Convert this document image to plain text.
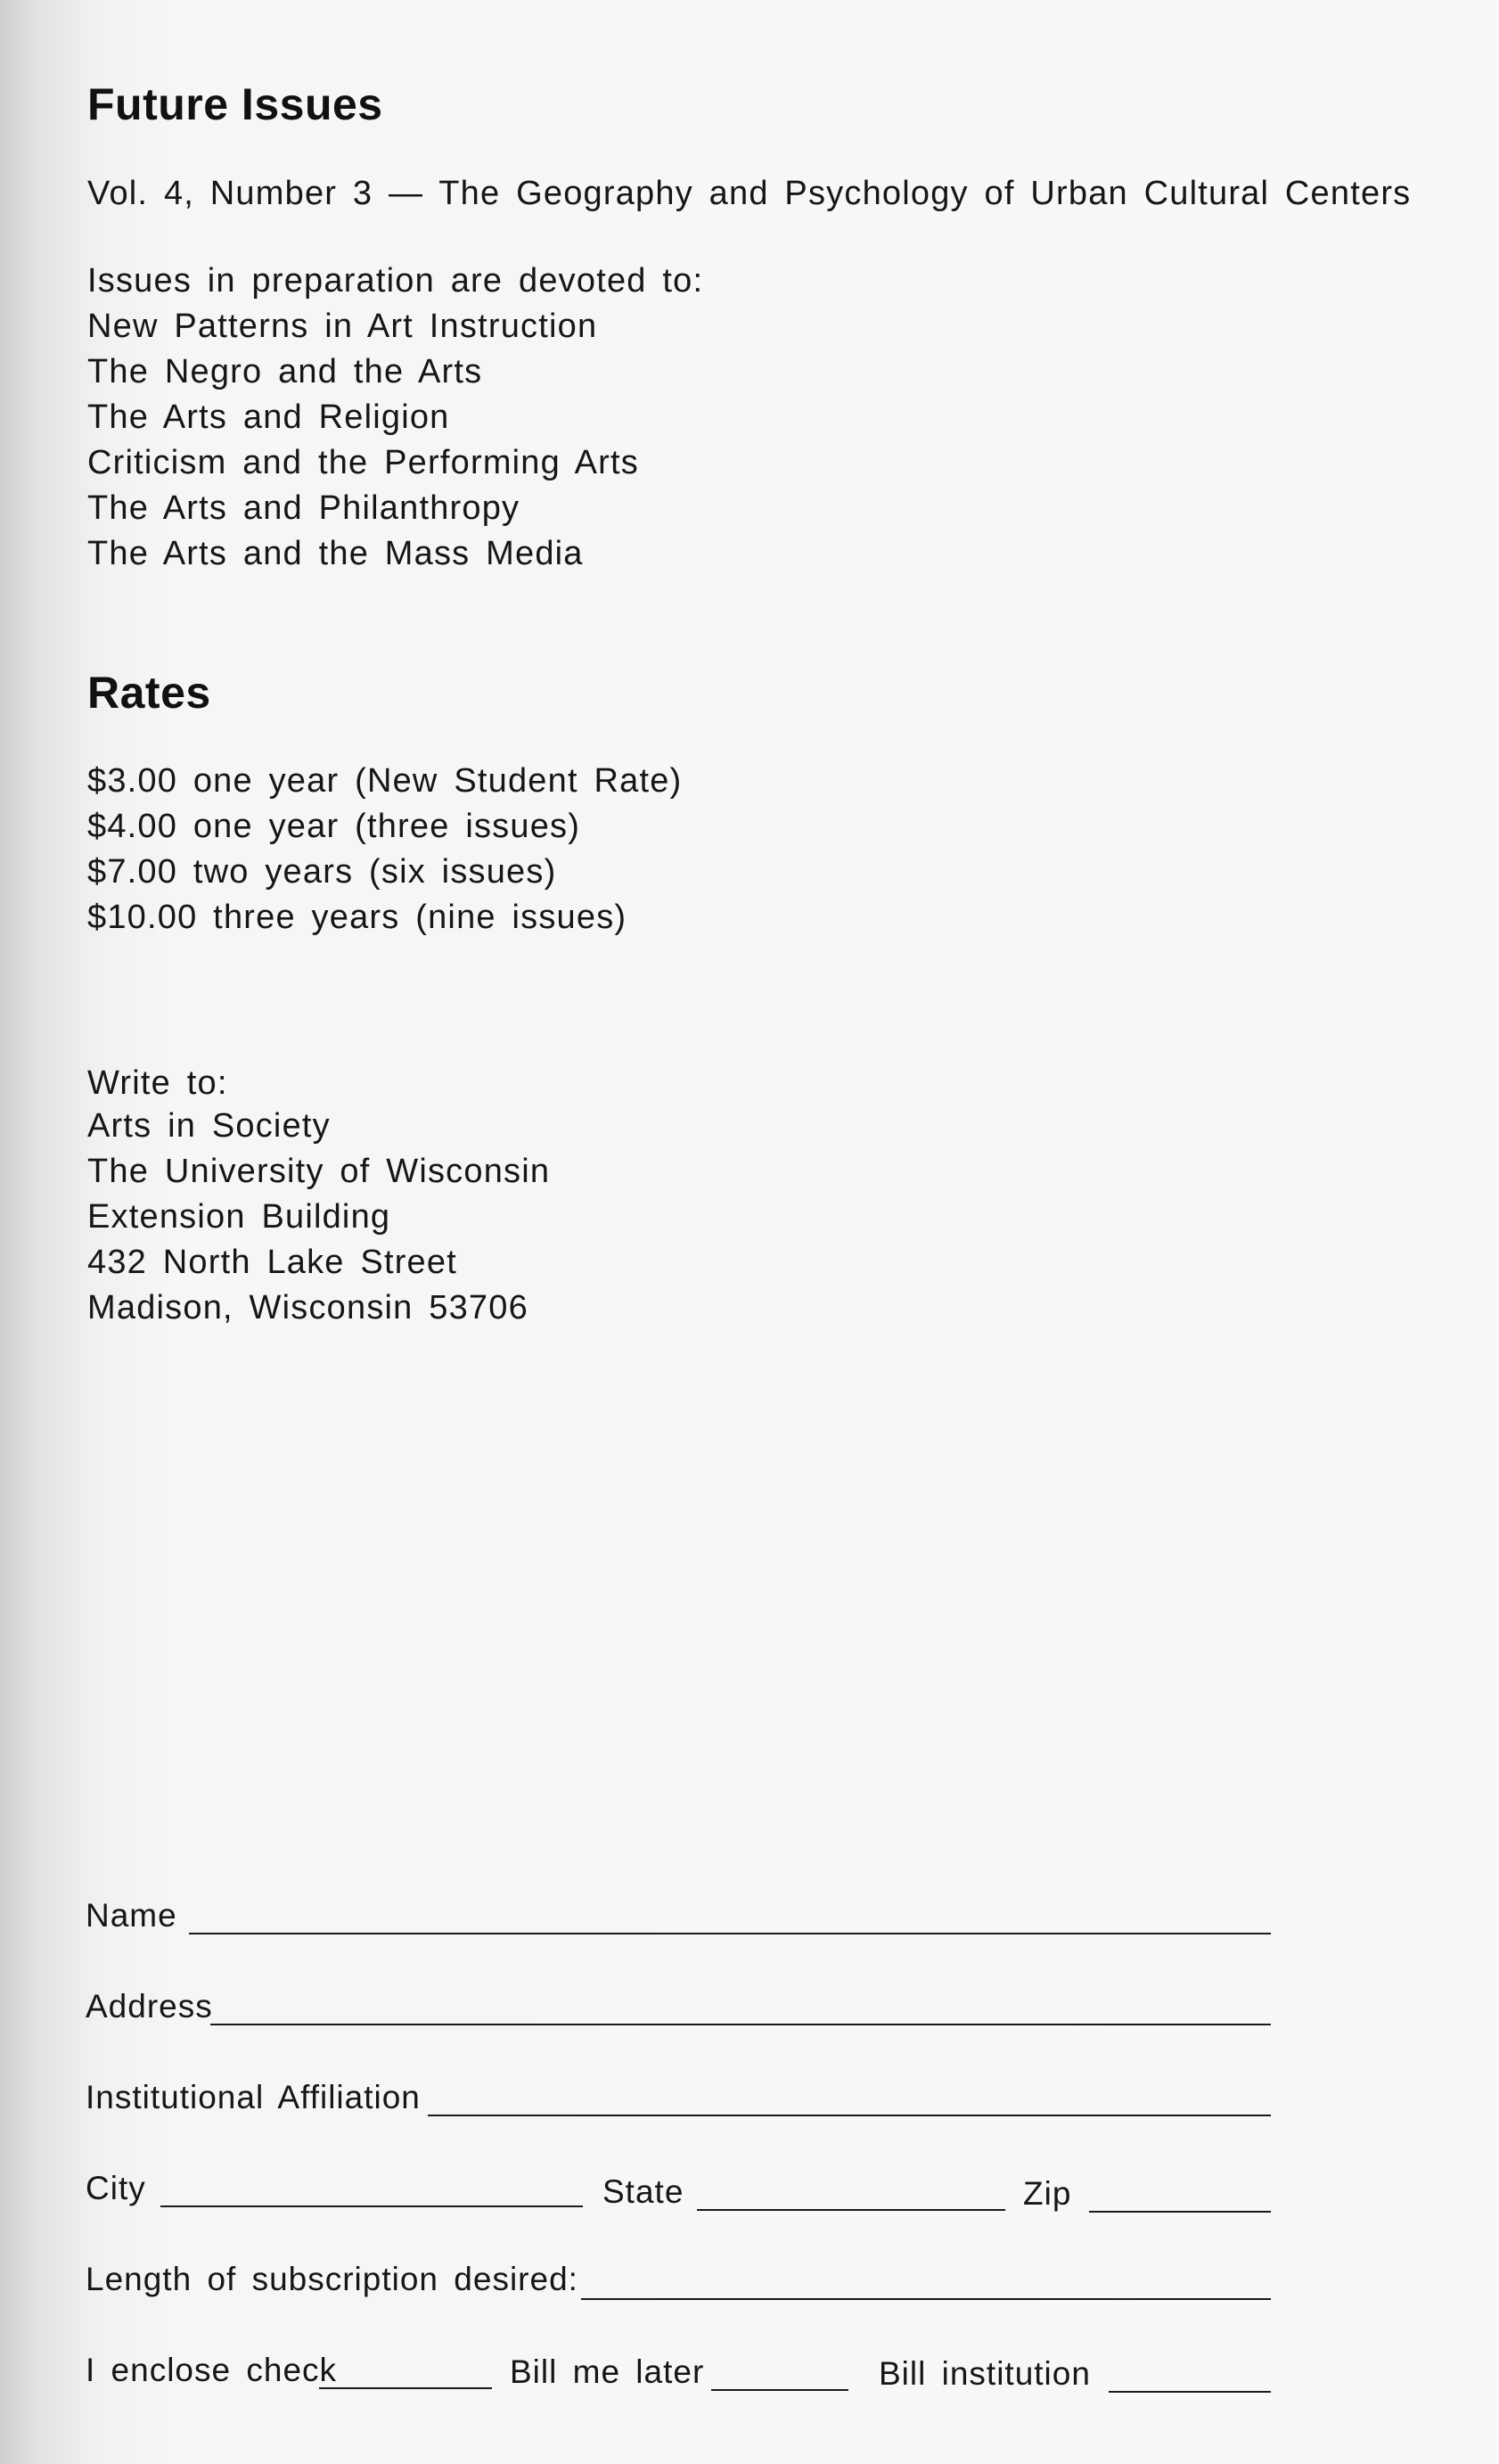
Future Issues

Vol. 4, Number 3 — The Geography and Psychology of Urban Cultural Centers

Issues in preparation are devoted to:

New Patterns in Art Instruction
The Negro and the Arts
The Arts and Religion
Criticism and the Performing Arts
The Arts and Philanthropy
The Arts and the Mass Media
Rates
$3.00 one year (New Student Rate)
$4.00 one year (three issues)
$7.00 two years (six issues)
$10.00 three years (nine issues)

Write to:

Arts in Society
The University of Wisconsin
Extension Building
432 North Lake Street
Madison, Wisconsin 53706
Name
Address
Institutional Affiliation
City	State	Zip
Length of subscription desired:
I enclose check	Bill me later	Bill institution
